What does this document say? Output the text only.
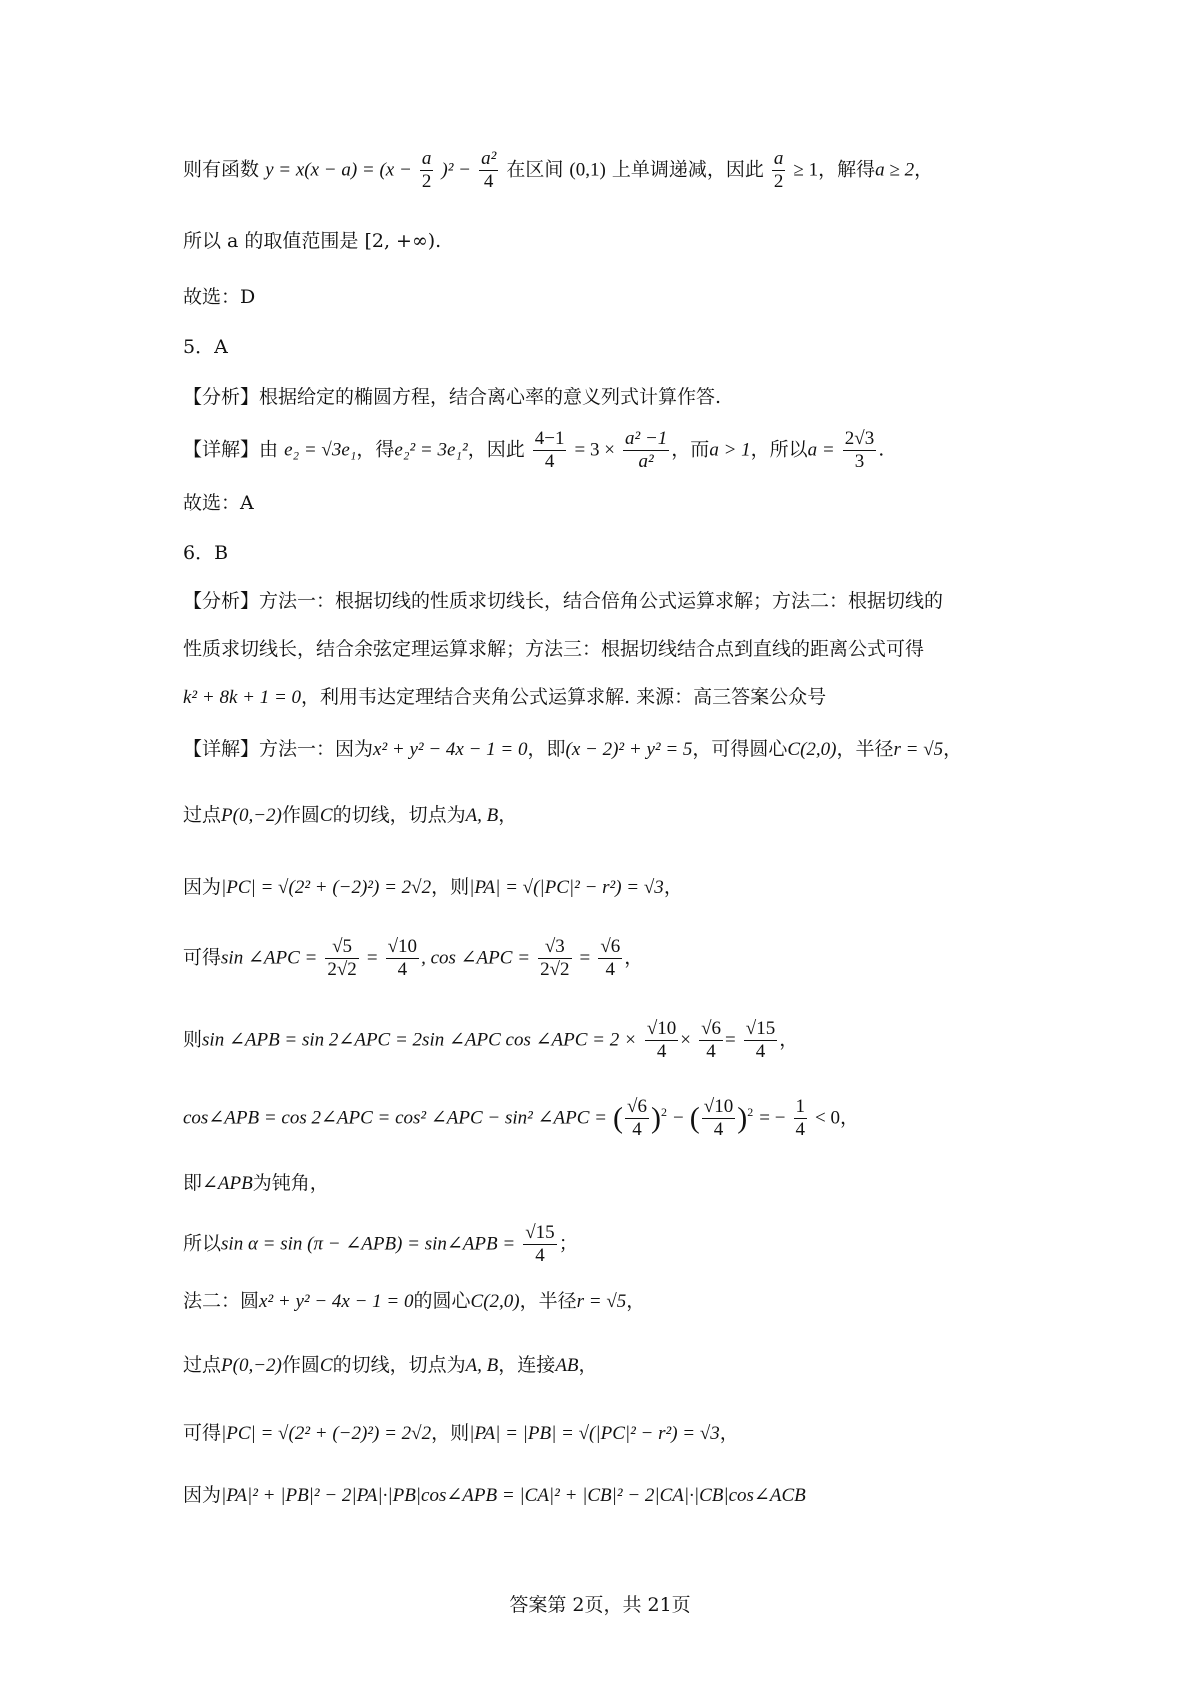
则有函数 $y = x(x - a) = (x - \frac{a}{2} )^2 - \frac{\text{a²}}{4}$ 在区间 (0,1) 上单调递减，因此 $\frac{a}{2} \ge 1$，解得a ≥ 2，
所以 a 的取值范围是 [2, +∞).
故选：D
5．A
【分析】根据给定的椭圆方程，结合离心率的意义列式计算作答.
【详解】由 e₂ = √3e₁，得e₂² = 3e₁²，因此 $\frac{4-1}{4} = 3 \times \frac{\text{a² −1}}{\text{a²}}$ ，而a > 1，所以$a = \frac{2√3}{3}$ .
故选：A
6．B
【分析】方法一：根据切线的性质求切线长，结合倍角公式运算求解；方法二：根据切线的
性质求切线长，结合余弦定理运算求解；方法三：根据切线结合点到直线的距离公式可得
k² + 8k + 1 = 0，利用韦达定理结合夹角公式运算求解. 来源：高三答案公众号
【详解】方法一：因为x² + y² − 4x − 1 = 0，即(x − 2)² + y² = 5，可得圆心C(2,0)，半径r = √5，
过点P(0,−2)作圆C的切线，切点为A, B，
因为|PC| = √(2² + (−2)²) = 2√2，则|PA| = √(|PC|² − r²) = √3，
可得sin ∠APC = $\frac{√5}{2√2} = \frac{√10}{4}$ , cos ∠APC = $\frac{√3}{2√2} = \frac{√6}{4}$ ，
则sin ∠APB = sin 2∠APC = 2sin ∠APC cos ∠APC = $2 \times \frac{√10}{4} \times \frac{√6}{4} = \frac{√15}{4}$ ，
cos∠APB = cos 2∠APC = cos² ∠APC − sin² ∠APC = ( $\frac{√6}{4} )^2$ − ( $\frac{√10}{4} )^2$ = − $\frac{1}{4} < 0$，
即∠APB为钝角，
所以sin α = sin (π − ∠APB) = sin∠APB = $\frac{√15}{4}$ ；
法二：圆x² + y² − 4x − 1 = 0的圆心C(2,0)，半径r = √5，
过点P(0,−2)作圆C的切线，切点为A, B，连接AB，
可得|PC| = √(2² + (−2)²) = 2√2，则|PA| = |PB| = √(|PC|² − r²) = √3，
因为|PA|² + |PB|² − 2|PA|·|PB|cos∠APB = |CA|² + |CB|² − 2|CA|·|CB|cos∠ACB
答案第 2页，共 21页
